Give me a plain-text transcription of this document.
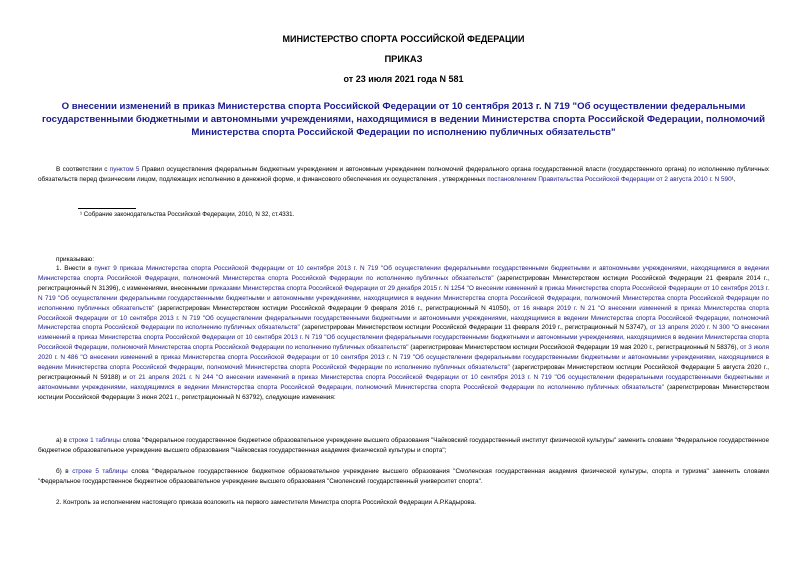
МИНИСТЕРСТВО СПОРТА РОССИЙСКОЙ ФЕДЕРАЦИИ
ПРИКАЗ
от 23 июля 2021 года N 581
О внесении изменений в приказ Министерства спорта Российской Федерации от 10 сентября 2013 г. N 719 "Об осуществлении федеральными государственными бюджетными и автономными учреждениями, находящимися в ведении Министерства спорта Российской Федерации, полномочий Министерства спорта Российской Федерации по исполнению публичных обязательств"
В соответствии с пунктом 5 Правил осуществления федеральным бюджетным учреждением и автономным учреждением полномочий федерального органа государственной власти (государственного органа) по исполнению публичных обязательств перед физическим лицом, подлежащих исполнению в денежной форме, и финансового обеспечения их осуществления , утвержденных постановлением Правительства Российской Федерации от 2 августа 2010 г. N 590¹,
¹ Собрание законодательства Российской Федерации, 2010, N 32, ст.4331.
приказываю:
1. Внести в пункт 9 приказа Министерства спорта Российской Федерации от 10 сентября 2013 г. N 719 "Об осуществлении федеральными государственными бюджетными и автономными учреждениями, находящимися в ведении Министерства спорта Российской Федерации, полномочий Министерства спорта Российской Федерации по исполнению публичных обязательств" (зарегистрирован Министерством юстиции Российской Федерации 21 февраля 2014 г., регистрационный N 31396), с изменениями, внесенными приказами Министерства спорта Российской Федерации от 29 декабря 2015 г. N 1254 "О внесении изменений в приказ Министерства спорта Российской Федерации от 10 сентября 2013 г. N 719 "Об осуществлении федеральными государственными бюджетными и автономными учреждениями, находящимися в ведении Министерства спорта Российской Федерации, полномочий Министерства спорта Российской Федерации по исполнению публичных обязательств" (зарегистрирован Министерством юстиции Российской Федерации 9 февраля 2016 г., регистрационный N 41050), от 16 января 2019 г. N 21 "О внесении изменений в приказ Министерства спорта Российской Федерации от 10 сентября 2013 г. N 719 "Об осуществлении федеральными государственными бюджетными и автономными учреждениями, находящимися в ведении Министерства спорта Российской Федерации, полномочий Министерства спорта Российской Федерации по исполнению публичных обязательств" (зарегистрирован Министерством юстиции Российской Федерации 11 февраля 2019 г., регистрационный N 53747), от 13 апреля 2020 г. N 300 "О внесении изменений в приказ Министерства спорта Российской Федерации от 10 сентября 2013 г. N 719 "Об осуществлении федеральными государственными бюджетными и автономными учреждениями, находящимися в ведении Министерства спорта Российской Федерации, полномочий Министерства спорта Российской Федерации по исполнению публичных обязательств" (зарегистрирован Министерством юстиции Российской Федерации 19 мая 2020 г., регистрационный N 58376), от 3 июля 2020 г. N 486 "О внесении изменений в приказ Министерства спорта Российской Федерации от 10 сентября 2013 г. N 719 "Об осуществлении федеральными государственными бюджетными и автономными учреждениями, находящимися в ведении Министерства спорта Российской Федерации, полномочий Министерства спорта Российской Федерации по исполнению публичных обязательств" (зарегистрирован Министерством юстиции Российской Федерации 5 августа 2020 г., регистрационный N 59188) и от 21 апреля 2021 г. N 244 "О внесении изменений в приказ Министерства спорта Российской Федерации от 10 сентября 2013 г. N 719 "Об осуществлении федеральными государственными бюджетными и автономными учреждениями, находящимися в ведении Министерства спорта Российской Федерации, полномочий Министерства спорта Российской Федерации по исполнению публичных обязательств" (зарегистрирован Министерством юстиции Российской Федерации 3 июня 2021 г., регистрационный N 63792), следующие изменения:
а) в строке 1 таблицы слова "Федеральное государственное бюджетное образовательное учреждение высшего образования "Чайковский государственный институт физической культуры" заменить словами "Федеральное государственное бюджетное образовательное учреждение высшего образования "Чайковская государственная академия физической культуры и спорта";
б) в строке 5 таблицы слова "Федеральное государственное бюджетное образовательное учреждение высшего образования "Смоленская государственная академия физической культуры, спорта и туризма" заменить словами "Федеральное государственное бюджетное образовательное учреждение высшего образования "Смоленский государственный университет спорта".
2. Контроль за исполнением настоящего приказа возложить на первого заместителя Министра спорта Российской Федерации А.Р.Кадырова.
